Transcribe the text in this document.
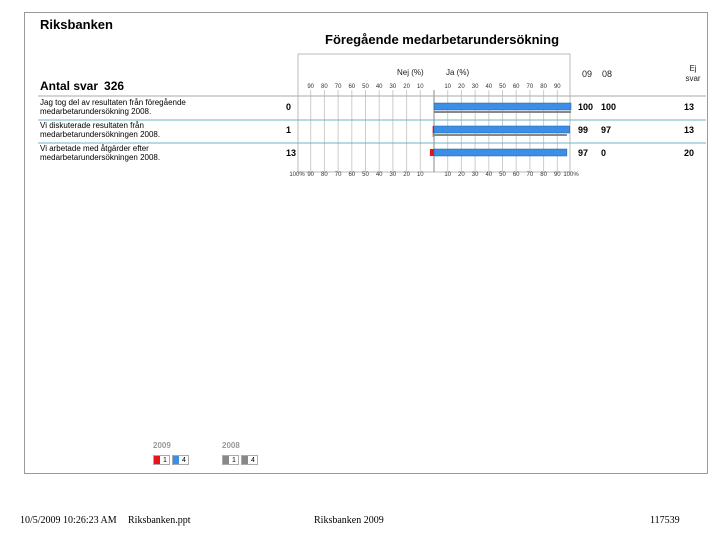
Riksbanken
Föregående medarbetarundersökning
Antal svar 326
Nej (%)	Ja (%)	09 08
Ej svar
Jag tog del av resultaten från föregående medarbetarundersökning 2008.	0	100 100	13
Vi diskuterade resultaten från medarbetarundersökningen 2008.	1	99 97	13
Vi arbetade med åtgärder efter medarbetarundersökningen 2008.	13	97 0	20
2009	2008
1	4	1	4
10/5/2009 10:26:23 AM Riksbanken.ppt	Riksbanken 2009	117539
90 80 70 60 50 40 30 20 10	10 20 30 40 50 60 70 80 90
100% 90 80 70 60 50 40 30 20 10	10 20 30 40 50 60 70 80 90 100%
